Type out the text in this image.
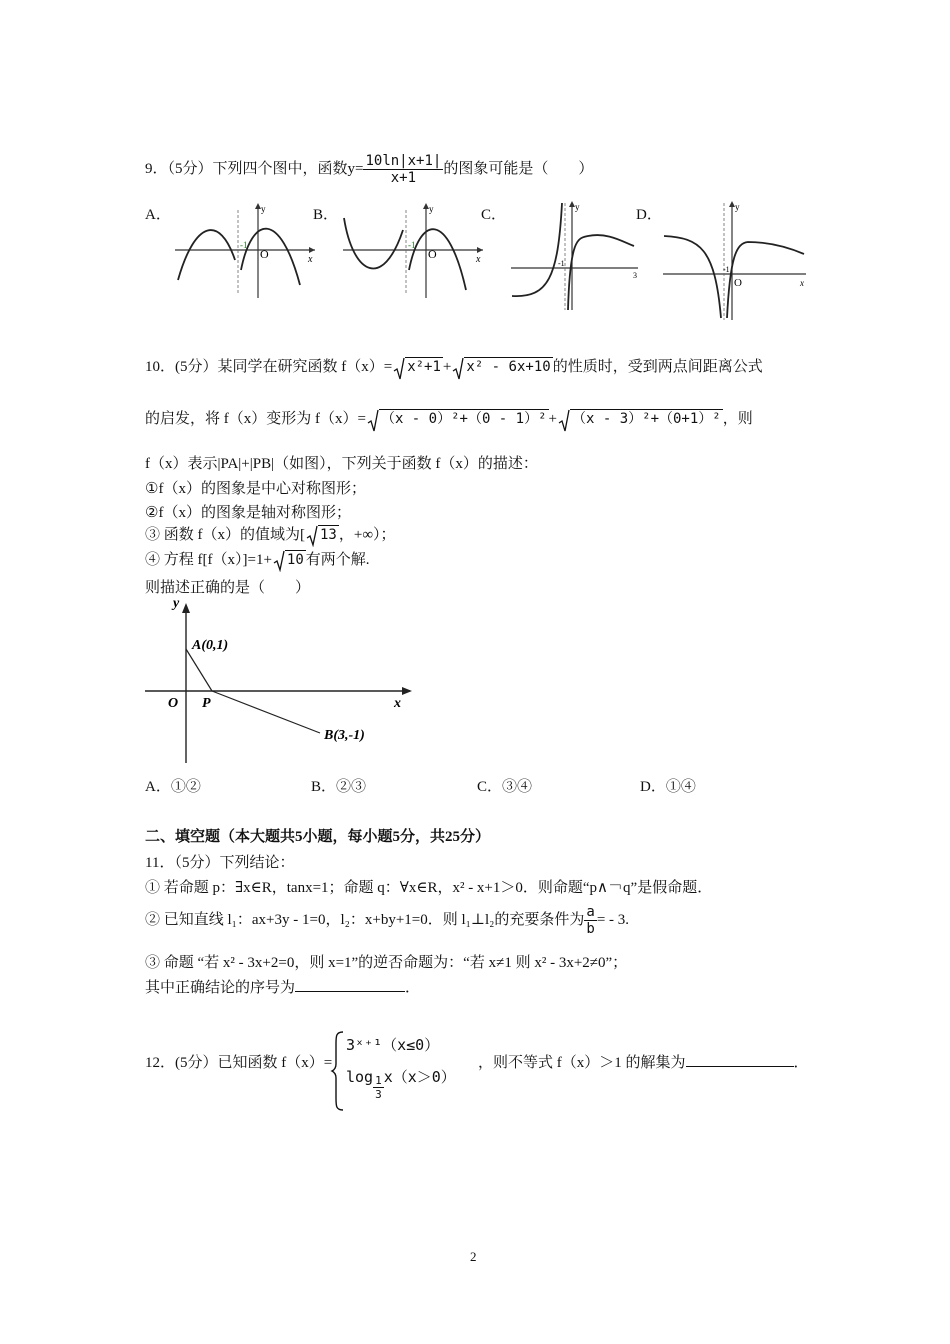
9．（5分）下列四个图中，函数$y= \frac{10\ln|x+1|}{x+1}$ 的图象可能是（　　）
A．	B．	C．	D．
y
x
-1
O
y
x
-1
O
y
-1
3
y
x
-1
O
10．(5分）某同学在研究函数 f（x）= x²+1 + x² - 6x+10 的性质时，受到两点间距离公式
的启发，将 f（x）变形为 f（x）= （x - 0）²+（0 - 1）² + （x - 3）²+（0+1）² ，则
f（x）表示|PA|+|PB|（如图），下列关于函数 f（x）的描述：
①f（x）的图象是中心对称图形；
②f（x）的图象是轴对称图形；
③ 函数 f（x）的值域为[ 13 ，+∞）；
④ 方程 f[f（x）]=1+ 10 有两个解.
则描述正确的是（　　）
y
x
O P
A(0,1)
B(3,-1)
A．①②	B．②③	C．③④	D．①④
二、填空题（本大题共5小题，每小题5分，共25分）
11．（5分）下列结论：
① 若命题 p：∃x∈R，tanx=1；命题 q：∀x∈R，x² - x+1＞0．则命题“p∧￢q”是假命题．
② 已知直线 l₁：ax+3y - 1=0，l₂：x+by+1=0．则 l₁⊥l₂的充要条件为 $\frac{a}{b}$ = - 3.
③ 命题 “若 x² - 3x+2=0，则 x=1”的逆否命题为：“若 x≠1 则 x² - 3x+2≠0”；
其中正确结论的序号为	．
12．(5分）已知函数 f（x）=
3ˣ⁺¹（x≤0）
$\log \frac{1}{3} x(x>0)$
，则不等式 f（x）＞1 的解集为	．
2
